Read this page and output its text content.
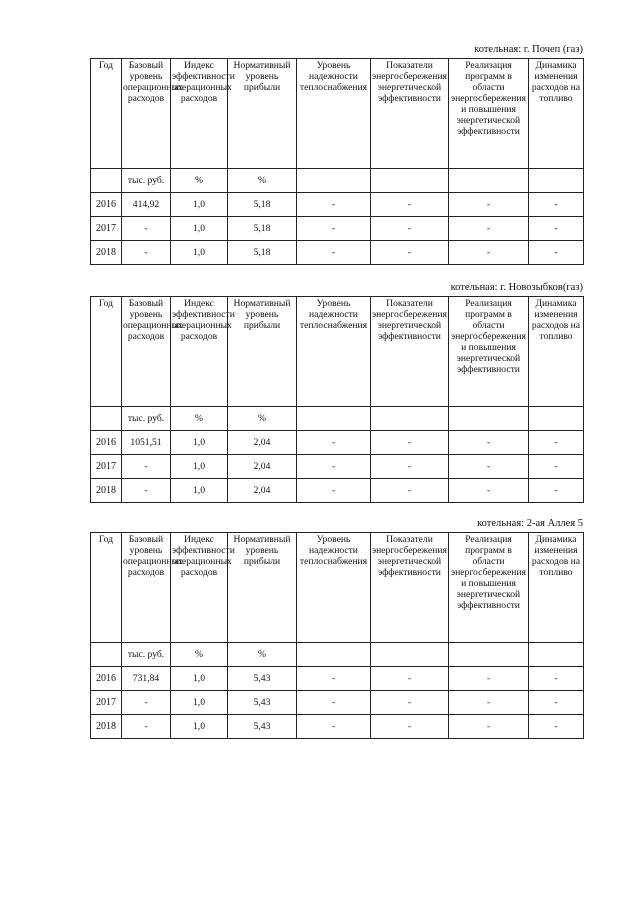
котельная: г. Почеп (газ)
Год	Базовый уровень операционных расходов	Индекс эффективности операционных расходов	Нормативный уровень прибыли	Уровень надежности теплоснабжения	Показатели энергосбережения энергетической эффективности	Реализация программ в области энергосбережения и повышения энергетической эффективности	Динамика изменения расходов на топливо
	тыс. руб.	%	%				
2016	414,92	1,0	5,18	-	-	-	-
2017	-	1,0	5,18	-	-	-	-
2018	-	1,0	5,18	-	-	-	-
котельная: г. Новозыбков(газ)
Год	Базовый уровень операционных расходов	Индекс эффективности операционных расходов	Нормативный уровень прибыли	Уровень надежности теплоснабжения	Показатели энергосбережения энергетической эффективности	Реализация программ в области энергосбережения и повышения энергетической эффективности	Динамика изменения расходов на топливо
	тыс. руб.	%	%				
2016	1051,51	1,0	2,04	-	-	-	-
2017	-	1,0	2,04	-	-	-	-
2018	-	1,0	2,04	-	-	-	-
котельная: 2-ая Аллея 5
Год	Базовый уровень операционных расходов	Индекс эффективности операционных расходов	Нормативный уровень прибыли	Уровень надежности теплоснабжения	Показатели энергосбережения энергетической эффективности	Реализация программ в области энергосбережения и повышения энергетической эффективности	Динамика изменения расходов на топливо
	тыс. руб.	%	%				
2016	731,84	1,0	5,43	-	-	-	-
2017	-	1,0	5,43	-	-	-	-
2018	-	1,0	5,43	-	-	-	-
